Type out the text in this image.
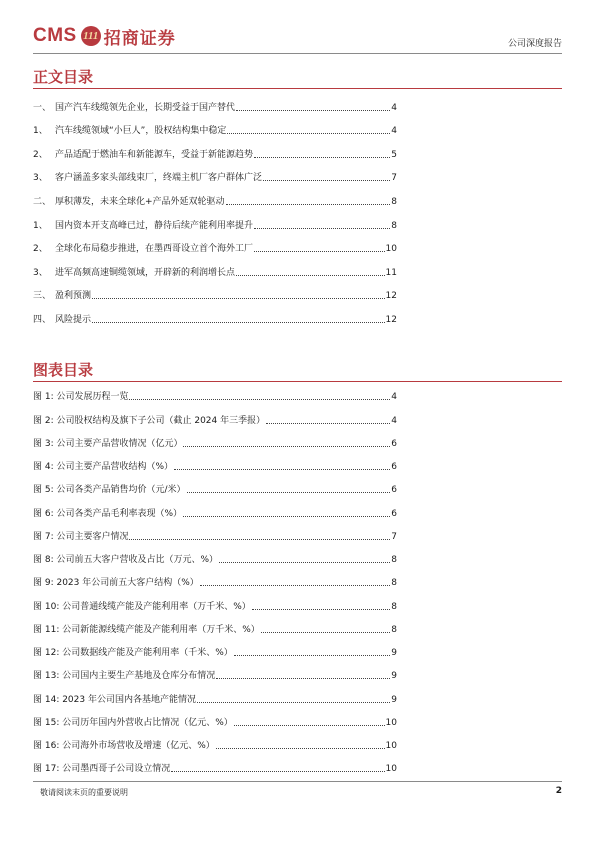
CMS 111 招商证券	公司深度报告
正文目录
一、 国产汽车线缆领先企业，长期受益于国产替代	4
1、 汽车线缆领域“小巨人”，股权结构集中稳定	4
2、 产品适配于燃油车和新能源车，受益于新能源趋势	5
3、 客户涵盖多家头部线束厂，终端主机厂客户群体广泛	7
二、 厚积薄发，未来全球化+产品外延双轮驱动	8
1、 国内资本开支高峰已过，静待后续产能利用率提升	8
2、 全球化布局稳步推进，在墨西哥设立首个海外工厂	10
3、 进军高频高速铜缆领域，开辟新的利润增长点	11
三、 盈利预测	12
四、 风险提示	12
图表目录
图 1: 公司发展历程一览	4
图 2: 公司股权结构及旗下子公司（截止 2024 年三季报）	4
图 3: 公司主要产品营收情况（亿元）	6
图 4: 公司主要产品营收结构（%）	6
图 5: 公司各类产品销售均价（元/米）	6
图 6: 公司各类产品毛利率表现（%）	6
图 7: 公司主要客户情况	7
图 8: 公司前五大客户营收及占比（万元、%）	8
图 9: 2023 年公司前五大客户结构（%）	8
图 10: 公司普通线缆产能及产能利用率（万千米、%）	8
图 11: 公司新能源线缆产能及产能利用率（万千米、%）	8
图 12: 公司数据线产能及产能利用率（千米、%）	9
图 13: 公司国内主要生产基地及仓库分布情况	9
图 14: 2023 年公司国内各基地产能情况	9
图 15: 公司历年国内外营收占比情况（亿元、%）	10
图 16: 公司海外市场营收及增速（亿元、%）	10
图 17: 公司墨西哥子公司设立情况	10
敬请阅读末页的重要说明	2
